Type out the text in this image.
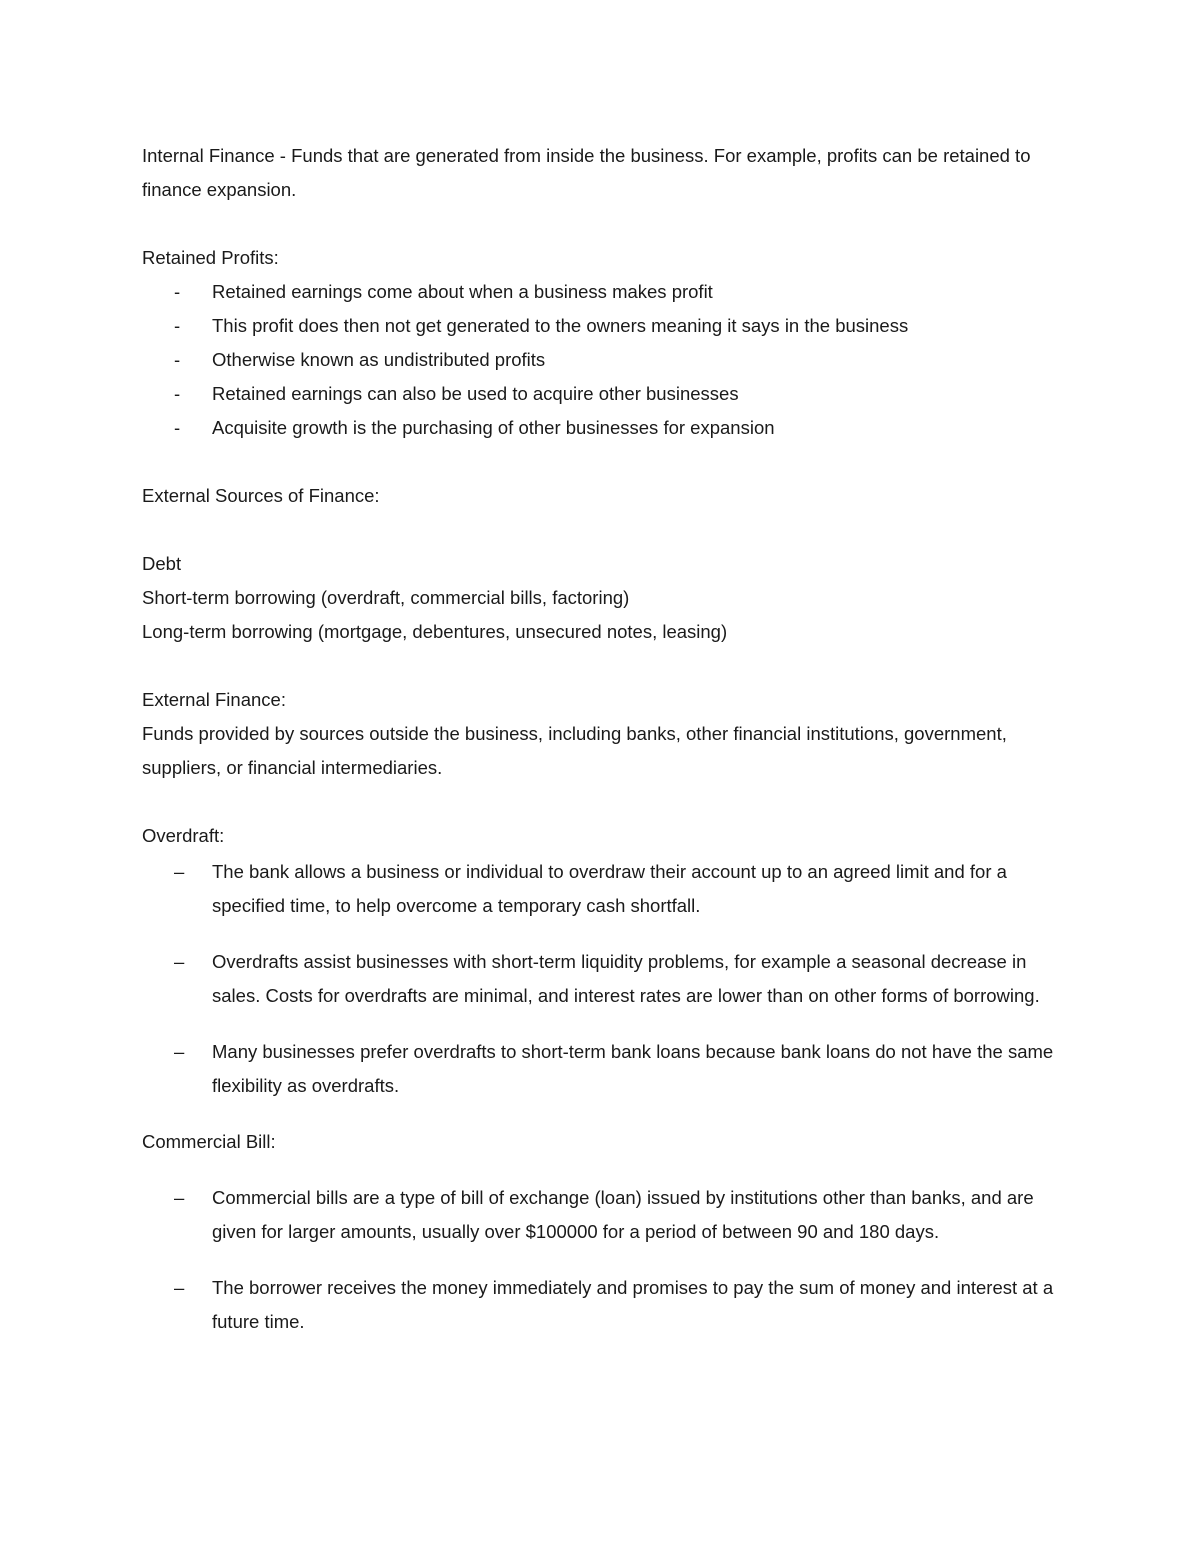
Internal Finance - Funds that are generated from inside the business. For example, profits can be retained to finance expansion.
Retained Profits:
- Retained earnings come about when a business makes profit
- This profit does then not get generated to the owners meaning it says in the business
- Otherwise known as undistributed profits
- Retained earnings can also be used to acquire other businesses
- Acquisite growth is the purchasing of other businesses for expansion
External Sources of Finance:
Debt
Short-term borrowing (overdraft, commercial bills, factoring)
Long-term borrowing (mortgage, debentures, unsecured notes, leasing)
External Finance:
Funds provided by sources outside the business, including banks, other financial institutions, government, suppliers, or financial intermediaries.
Overdraft:
– The bank allows a business or individual to overdraw their account up to an agreed limit and for a specified time, to help overcome a temporary cash shortfall.
– Overdrafts assist businesses with short-term liquidity problems, for example a seasonal decrease in sales. Costs for overdrafts are minimal, and interest rates are lower than on other forms of borrowing.
– Many businesses prefer overdrafts to short-term bank loans because bank loans do not have the same flexibility as overdrafts.
Commercial Bill:
– Commercial bills are a type of bill of exchange (loan) issued by institutions other than banks, and are given for larger amounts, usually over $100000 for a period of between 90 and 180 days.
– The borrower receives the money immediately and promises to pay the sum of money and interest at a future time.
